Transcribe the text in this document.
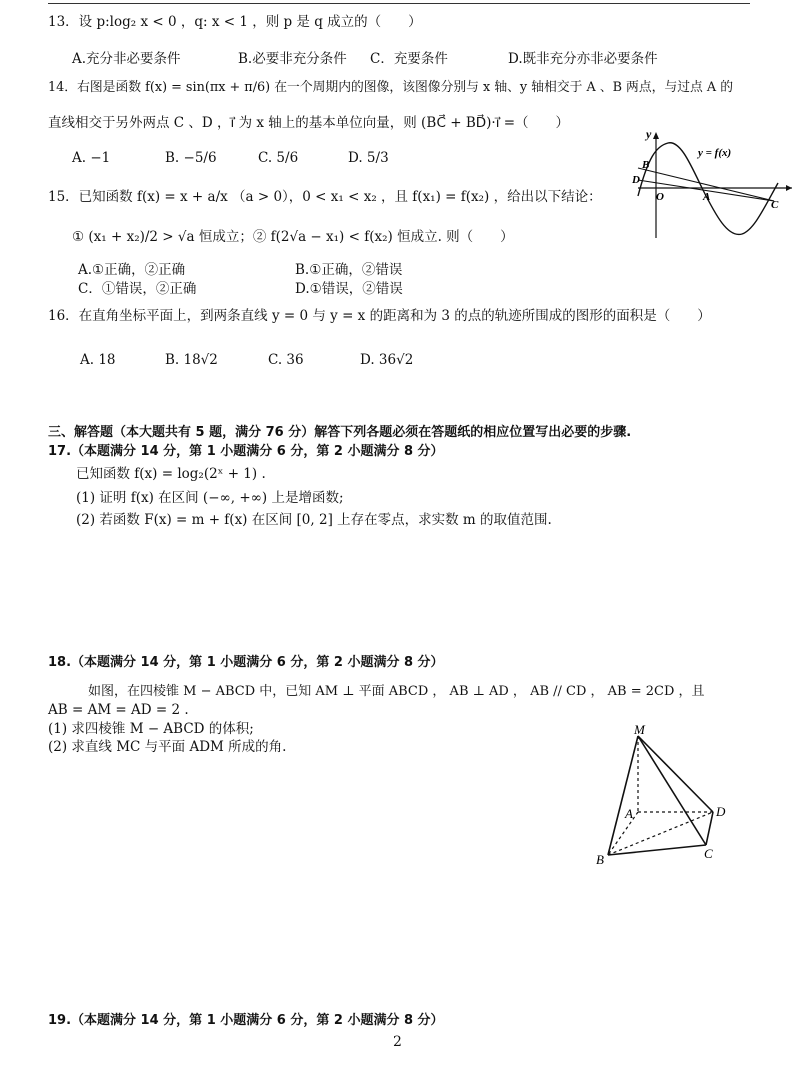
13．设 p:log₂ x < 0 ，q: x < 1 ，则 p 是 q 成立的（　　）
A.充分非必要条件	B.必要非充分条件 C．充要条件	D.既非充分亦非必要条件
14．右图是函数 f(x) = sin(πx + π/6) 在一个周期内的图像，该图像分别与 x 轴、y 轴相交于 A 、B 两点，与过点 A 的
直线相交于另外两点 C 、D ，i⃗ 为 x 轴上的基本单位向量，则 (BC⃗ + BD⃗)·i⃗ =（　　）
A. −1	B. −5/6	C. 5/6	D. 5/3
y
y = f(x)
B
D
O	A
C
15．已知函数 f(x) = x + a/x （a > 0），0 < x₁ < x₂ ，且 f(x₁) = f(x₂) ，给出以下结论：
① (x₁ + x₂)/2 > √a 恒成立；② f(2√a − x₁) < f(x₂) 恒成立. 则（　　）
A.①正确，②正确	B.①正确，②错误
C．①错误，②正确	D.①错误，②错误
16．在直角坐标平面上，到两条直线 y = 0 与 y = x 的距离和为 3 的点的轨迹所围成的图形的面积是（　　）
A. 18	B. 18√2	C. 36	D. 36√2
三、解答题（本大题共有 5 题，满分 76 分）解答下列各题必须在答题纸的相应位置写出必要的步骤.
17.（本题满分 14 分，第 1 小题满分 6 分，第 2 小题满分 8 分）
已知函数 f(x) = log₂(2ˣ + 1) .
(1) 证明 f(x) 在区间 (−∞, +∞) 上是增函数;
(2) 若函数 F(x) = m + f(x) 在区间 [0, 2] 上存在零点，求实数 m 的取值范围.
18.（本题满分 14 分，第 1 小题满分 6 分，第 2 小题满分 8 分）
如图，在四棱锥 M − ABCD 中，已知 AM ⊥ 平面 ABCD ， AB ⊥ AD ， AB // CD ， AB = 2CD ，且
AB = AM = AD = 2 .
(1) 求四棱锥 M − ABCD 的体积;
(2) 求直线 MC 与平面 ADM 所成的角.
M
A	D
B	C
19.（本题满分 14 分，第 1 小题满分 6 分，第 2 小题满分 8 分）
2
